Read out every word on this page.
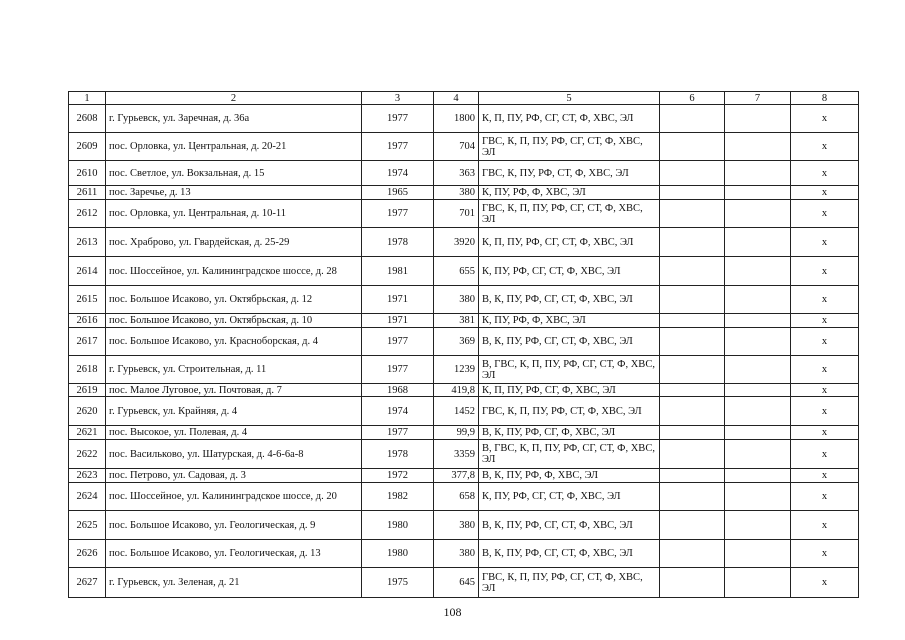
1	2	3	4	5	6	7	8
2608	г. Гурьевск, ул. Заречная, д. 36а	1977	1800	К, П, ПУ, РФ, СГ, СТ, Ф, ХВС, ЭЛ			х
2609	пос. Орловка, ул. Центральная, д. 20-21	1977	704	ГВС, К, П, ПУ, РФ, СГ, СТ, Ф, ХВС, ЭЛ			х
2610	пос. Светлое, ул. Вокзальная, д. 15	1974	363	ГВС, К, ПУ, РФ, СТ, Ф, ХВС, ЭЛ			х
2611	пос. Заречье, д. 13	1965	380	К, ПУ, РФ, Ф, ХВС, ЭЛ			х
2612	пос. Орловка, ул. Центральная, д. 10-11	1977	701	ГВС, К, П, ПУ, РФ, СГ, СТ, Ф, ХВС, ЭЛ			х
2613	пос. Храброво, ул. Гвардейская, д. 25-29	1978	3920	К, П, ПУ, РФ, СГ, СТ, Ф, ХВС, ЭЛ			х
2614	пос. Шоссейное, ул. Калининградское шоссе, д. 28	1981	655	К, ПУ, РФ, СГ, СТ, Ф, ХВС, ЭЛ			х
2615	пос. Большое Исаково, ул. Октябрьская, д. 12	1971	380	В, К, ПУ, РФ, СГ, СТ, Ф, ХВС, ЭЛ			х
2616	пос. Большое Исаково, ул. Октябрьская, д. 10	1971	381	К, ПУ, РФ, Ф, ХВС, ЭЛ			х
2617	пос. Большое Исаково, ул. Красноборская, д. 4	1977	369	В, К, ПУ, РФ, СГ, СТ, Ф, ХВС, ЭЛ			х
2618	г. Гурьевск, ул. Строительная, д. 11	1977	1239	В, ГВС, К, П, ПУ, РФ, СГ, СТ, Ф, ХВС, ЭЛ			х
2619	пос. Малое Луговое, ул. Почтовая, д. 7	1968	419,8	К, П, ПУ, РФ, СГ, Ф, ХВС, ЭЛ			х
2620	г. Гурьевск, ул. Крайняя, д. 4	1974	1452	ГВС, К, П, ПУ, РФ, СТ, Ф, ХВС, ЭЛ			х
2621	пос. Высокое, ул. Полевая, д. 4	1977	99,9	В, К, ПУ, РФ, СГ, Ф, ХВС, ЭЛ			х
2622	пос. Васильково, ул. Шатурская, д. 4-6-6а-8	1978	3359	В, ГВС, К, П, ПУ, РФ, СГ, СТ, Ф, ХВС, ЭЛ			х
2623	пос. Петрово, ул. Садовая, д. 3	1972	377,8	В, К, ПУ, РФ, Ф, ХВС, ЭЛ			х
2624	пос. Шоссейное, ул. Калининградское шоссе, д. 20	1982	658	К, ПУ, РФ, СГ, СТ, Ф, ХВС, ЭЛ			х
2625	пос. Большое Исаково, ул. Геологическая, д. 9	1980	380	В, К, ПУ, РФ, СГ, СТ, Ф, ХВС, ЭЛ			х
2626	пос. Большое Исаково, ул. Геологическая, д. 13	1980	380	В, К, ПУ, РФ, СГ, СТ, Ф, ХВС, ЭЛ			х
2627	г. Гурьевск, ул. Зеленая, д. 21	1975	645	ГВС, К, П, ПУ, РФ, СГ, СТ, Ф, ХВС, ЭЛ			х
108
